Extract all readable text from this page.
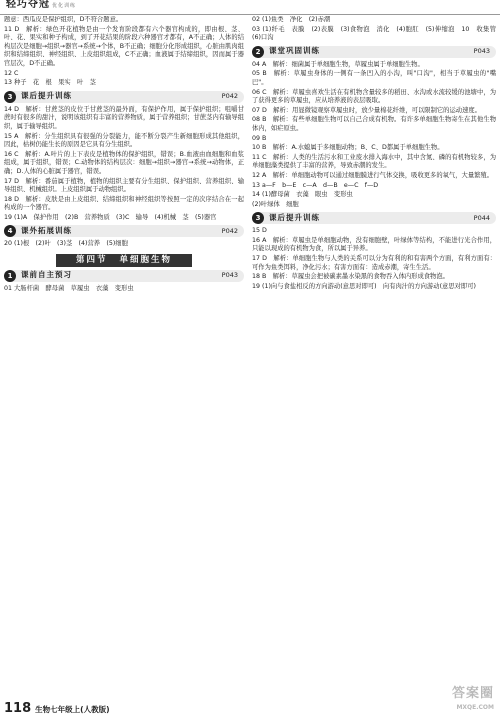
轻巧夺冠 优化训练
题意：西瓜皮是保护组织，D不符合题意。
11 D　解析：绿色开花植物是由一个发育阶段都有六个器官构成的，即由根、茎、叶、花、果实和种子构成，到了开花结果的阶段六种器官才都有，A不正确；人体的结构层次是细胞→组织→器官→系统→个体，B不正确；细胞分化形成组织，心脏由肌肉组织和结缔组织、神经组织、上皮组织组成，C不正确；血液属于结缔组织，因而属于器官层次，D不正确。
12 C
13 种子　花　根　果实　叶　茎
3	课后提升训练	P042
14 D　解析：甘蔗茎的皮位于甘蔗茎的最外面，有保护作用，属于保护组织；咀嚼甘蔗时有很多的甜汁，说明该组织有丰富的营养物质，属于营养组织；甘蔗茎内有输导组织，属于输导组织。
15 A　解析：分生组织具有很强的分裂能力，能不断分裂产生新细胞形成其他组织，因此，枯树仍能生长的原因是它具有分生组织。
16 C　解析：A.叶片的上下表皮是植物体的保护组织，错误；B.血液由血细胞和血浆组成，属于组织，错误；C.动物体的结构层次：细胞→组织→器官→系统→动物体，正确；D.人体的心脏属于器官，错误。
17 D　解析：番茄属于植物，植物的组织主要有分生组织、保护组织、营养组织、输导组织、机械组织。上皮组织属于动物组织。
18 D　解析：皮肤是由上皮组织、结缔组织和神经组织等按照一定的次序结合在一起构成的一个器官。
19 (1)A　保护作用　(2)B　营养物质　(3)C　输导　(4)机械　茎　(5)器官
4	课外拓展训练	P042
20 (1)根　(2)叶　(3)茎　(4)营养　(5)细胞
第四节 单细胞生物
1	课前自主预习	P043
01 大肠杆菌　酵母菌　草履虫　衣藻　变形虫
02 (1)鱼类　净化　(2)赤潮
03 (1)纤毛　表膜　(2)表膜　(3)食物泡　消化　(4)胞肛　(5)伸缩泡　10　收集管　(6)口沟
2	课堂巩固训练	P043
04 A　解析：细菌属于单细胞生物，草履虫属于单细胞生物。
05 B　解析：草履虫身体的一侧有一条凹入的小沟，叫"口沟"，相当于草履虫的"嘴巴"。
06 C　解析：草履虫喜欢生活在有机物含量较多的稻田、水沟或水流较缓的池塘中，为了获得更多的草履虫，应从培养液的表层吸取。
07 D　解析：用显微镜观察草履虫时，放少量棉花纤维，可以限制它的运动速度。
08 B　解析：有些单细胞生物可以自己合成有机物。有许多单细胞生物寄生在其他生物体内，如疟原虫。
09 B
10 B　解析：A.水螅属于多细胞动物；B、C、D都属于单细胞生物。
11 C　解析：人类的生活污水和工业废水排入海水中，其中含氮、磷的有机物较多，为单细胞藻类提供了丰富的营养，导致赤潮的发生。
12 A　解析：单细胞动物可以通过细胞膜进行气体交换，吸收更多的氧气，大量繁殖。
13 a—F　b—E　c—A　d—B　e—C　f—D
14 (1)酵母菌　衣藻　眼虫　变形虫
(2)叶绿体　细胞
3	课后提升训练	P044
15 D
16 A　解析：草履虫是单细胞动物，没有细胞壁，叶绿体等结构，不能进行光合作用，只能以现成的有机物为食，所以属于异养。
17 D　解析：单细胞生物与人类的关系可以分为有利的和有害两个方面，有利方面有：可作为鱼类饵料，净化污水；有害方面有：造成赤潮，寄生生活。
18 B　解析：草履虫会把被碳素墨水染黑的食物吞入体内形成食物泡。
19 (1)向与食盐相反的方向游动(意思对即可)　向有肉汁的方向游动(意思对即可)
118 生物七年级上(人教版)
答案圈
MXQE.COM
